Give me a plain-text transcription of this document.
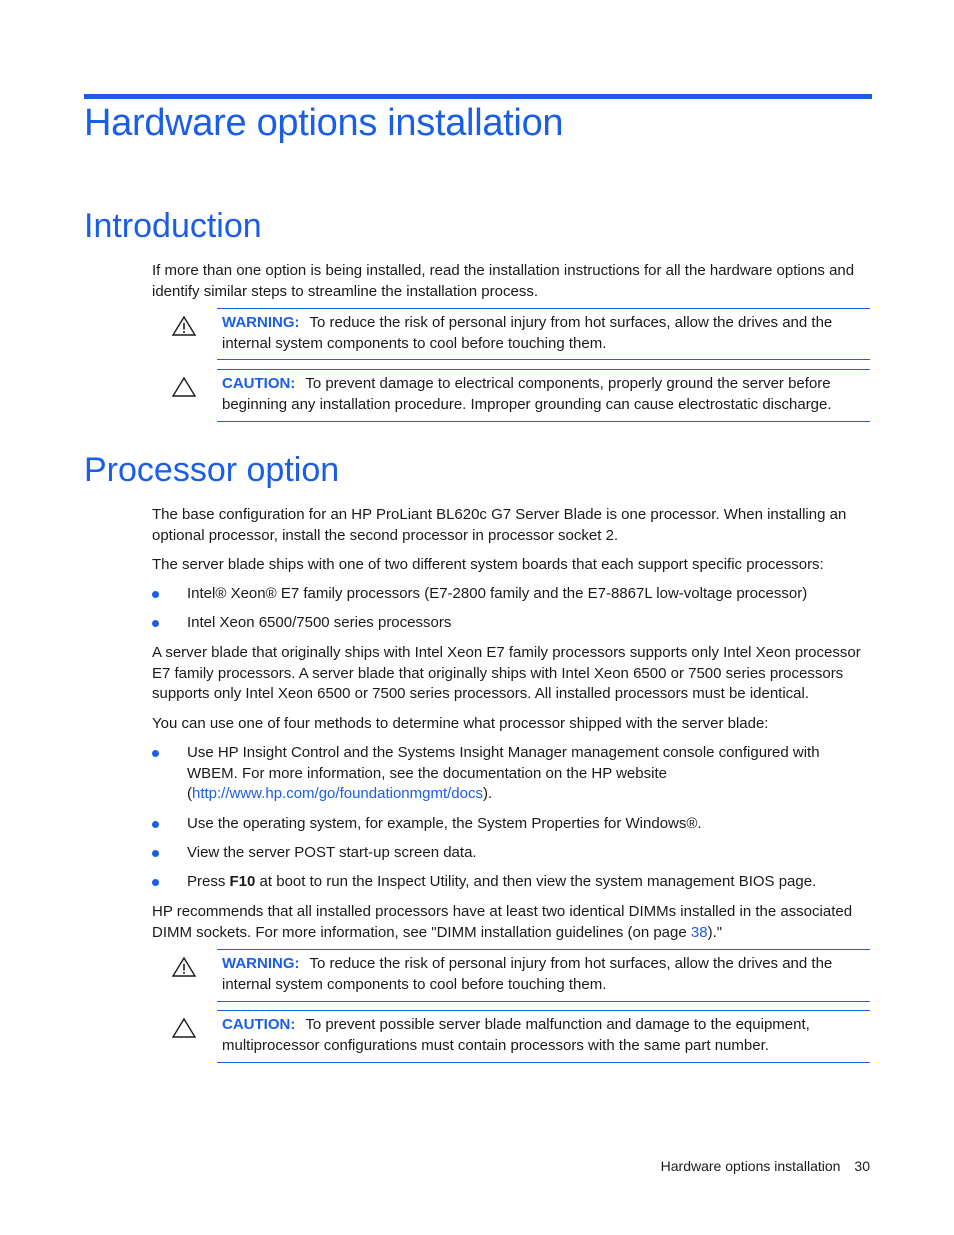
Hardware options installation
Introduction

If more than one option is being installed, read the installation instructions for all the hardware options and identify similar steps to streamline the installation process.

WARNING: To reduce the risk of personal injury from hot surfaces, allow the drives and the internal system components to cool before touching them.
CAUTION: To prevent damage to electrical components, properly ground the server before beginning any installation procedure. Improper grounding can cause electrostatic discharge.
Processor option

The base configuration for an HP ProLiant BL620c G7 Server Blade is one processor. When installing an optional processor, install the second processor in processor socket 2.

The server blade ships with one of two different system boards that each support specific processors:

Intel® Xeon® E7 family processors (E7-2800 family and the E7-8867L low-voltage processor)
Intel Xeon 6500/7500 series processors

A server blade that originally ships with Intel Xeon E7 family processors supports only Intel Xeon processor E7 family processors. A server blade that originally ships with Intel Xeon 6500 or 7500 series processors supports only Intel Xeon 6500 or 7500 series processors. All installed processors must be identical.

You can use one of four methods to determine what processor shipped with the server blade:

Use HP Insight Control and the Systems Insight Manager management console configured with WBEM. For more information, see the documentation on the HP website
(http://www.hp.com/go/foundationmgmt/docs).
Use the operating system, for example, the System Properties for Windows®.
View the server POST start-up screen data.
Press F10 at boot to run the Inspect Utility, and then view the system management BIOS page.

HP recommends that all installed processors have at least two identical DIMMs installed in the associated DIMM sockets. For more information, see "DIMM installation guidelines (on page 38)."

WARNING: To reduce the risk of personal injury from hot surfaces, allow the drives and the internal system components to cool before touching them.
CAUTION: To prevent possible server blade malfunction and damage to the equipment, multiprocessor configurations must contain processors with the same part number.
Hardware options installation 30
